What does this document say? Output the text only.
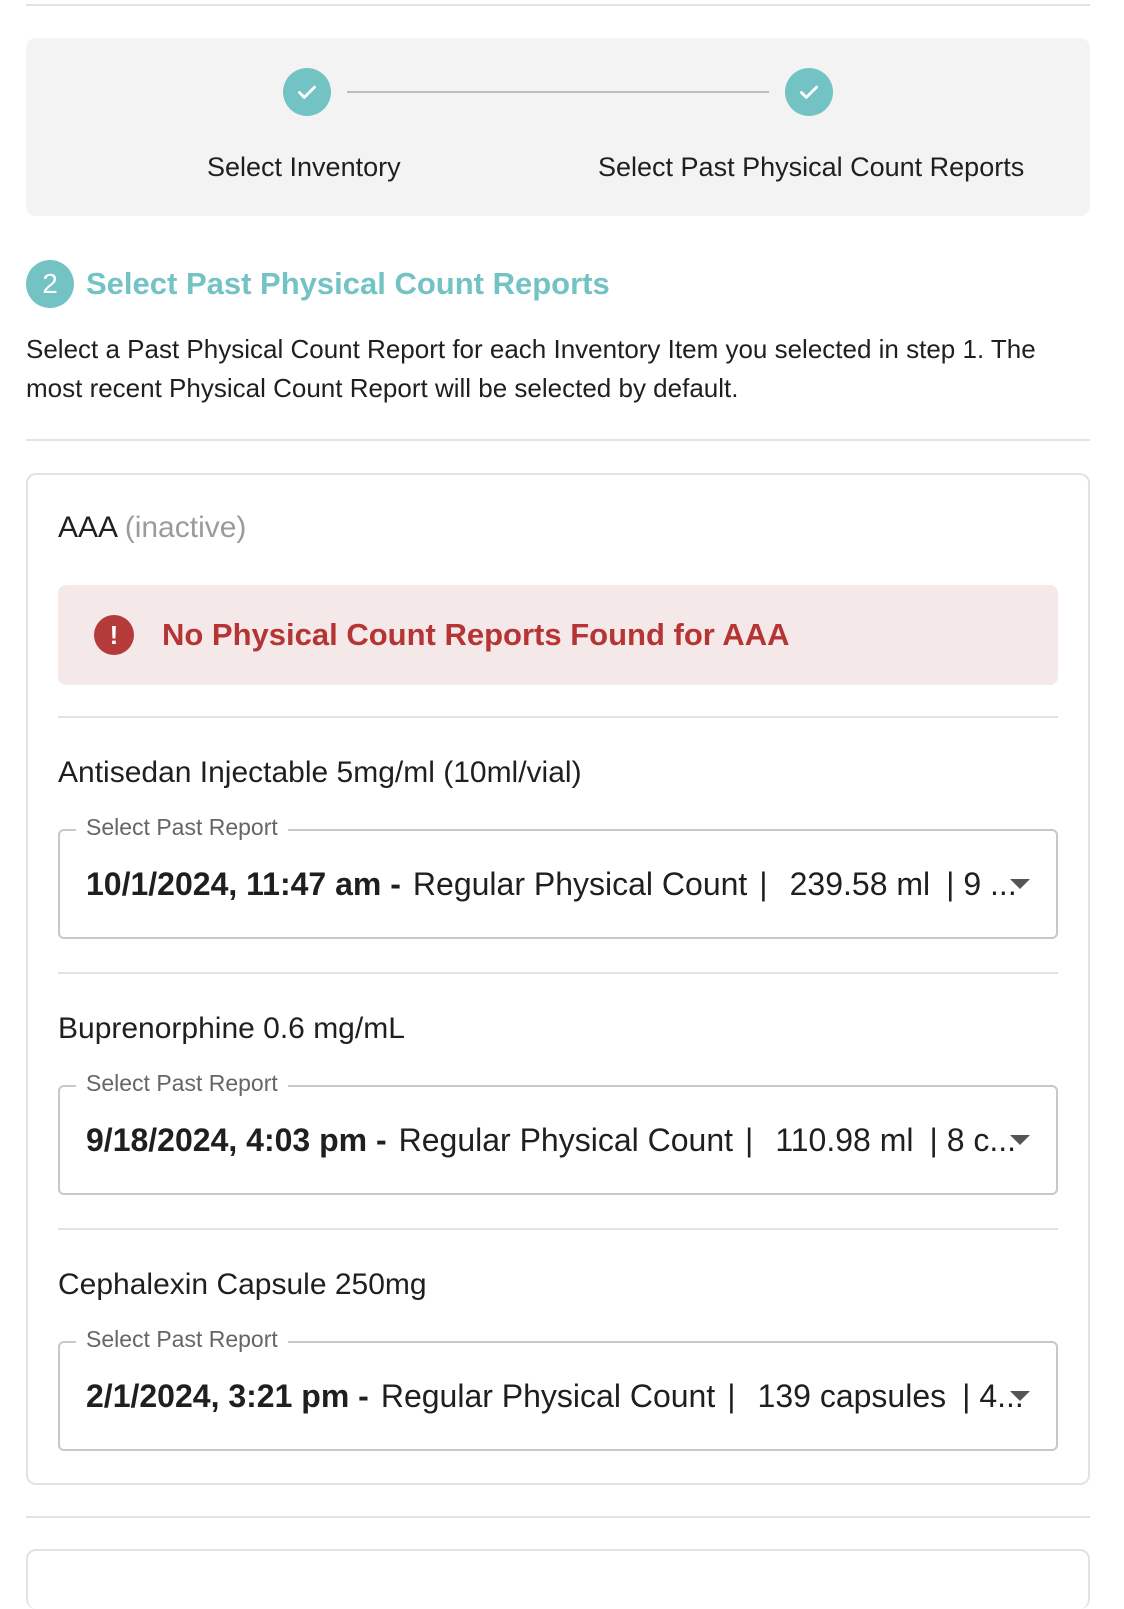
Select Inventory	Select Past Physical Count Reports
2 Select Past Physical Count Reports

Select a Past Physical Count Report for each Inventory Item you selected in step 1. The most recent Physical Count Report will be selected by default.

AAA (inactive)
!	No Physical Count Reports Found for AAA
Antisedan Injectable 5mg/ml (10ml/vial)
Select Past Report
10/1/2024, 11:47 am - Regular Physical Count | 239.58 ml | 9 ...
Buprenorphine 0.6 mg/mL
Select Past Report
9/18/2024, 4:03 pm - Regular Physical Count | 110.98 ml | 8 c...
Cephalexin Capsule 250mg
Select Past Report
2/1/2024, 3:21 pm - Regular Physical Count | 139 capsules | 4...
